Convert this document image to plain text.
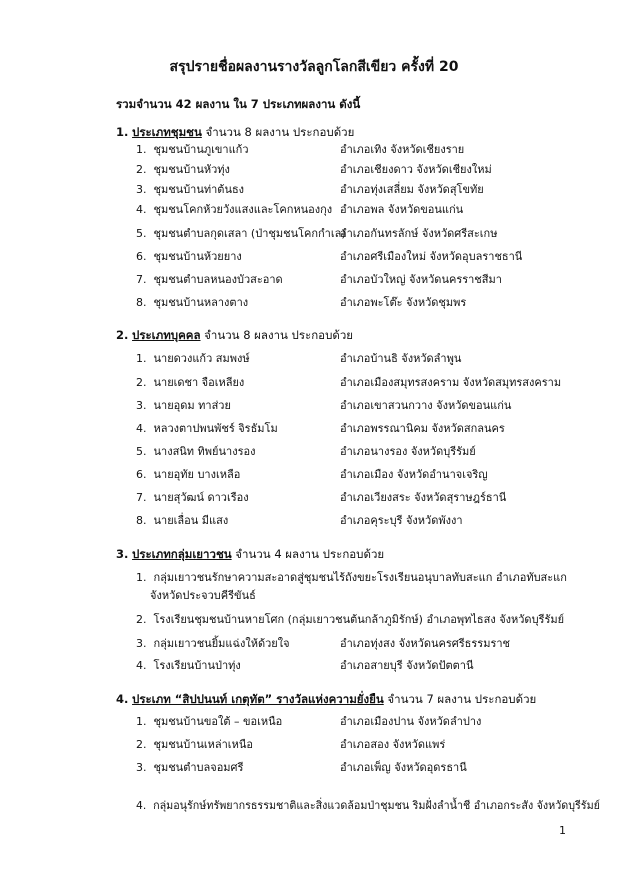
สรุปรายชื่อผลงานรางวัลลูกโลกสีเขียว ครั้งที่ 20
รวมจำนวน 42 ผลงาน ใน 7 ประเภทผลงาน ดังนี้
1. ประเภทชุมชน จำนวน 8 ผลงาน ประกอบด้วย
1. ชุมชนบ้านภูเขาแก้ว	อำเภอเทิง จังหวัดเชียงราย
2. ชุมชนบ้านหัวทุ่ง	อำเภอเชียงดาว จังหวัดเชียงใหม่
3. ชุมชนบ้านท่าต้นธง	อำเภอทุ่งเสลี่ยม จังหวัดสุโขทัย
4. ชุมชนโคกห้วยวังแสงและโคกหนองกุง อำเภอพล จังหวัดขอนแก่น
5. ชุมชนตำบลกุดเสลา (ป่าชุมชนโคกกำเล)
อำเภอกันทรลักษ์ จังหวัดศรีสะเกษ
6. ชุมชนบ้านห้วยยาง	อำเภอศรีเมืองใหม่ จังหวัดอุบลราชธานี
7. ชุมชนตำบลหนองบัวสะอาด	อำเภอบัวใหญ่ จังหวัดนครราชสีมา
8. ชุมชนบ้านหลางตาง	อำเภอพะโต๊ะ จังหวัดชุมพร
2. ประเภทบุคคล จำนวน 8 ผลงาน ประกอบด้วย
1. นายดวงแก้ว สมพงษ์	อำเภอบ้านธิ จังหวัดลำพูน
2. นายเดชา จือเหลียง	อำเภอเมืองสมุทรสงคราม จังหวัดสมุทรสงคราม
3. นายอุดม ทาส่วย	อำเภอเขาสวนกวาง จังหวัดขอนแก่น
4. หลวงตาปพนพัชร์ จิรธัมโม	อำเภอพรรณานิคม จังหวัดสกลนคร
5. นางสนิท ทิพย์นางรอง	อำเภอนางรอง จังหวัดบุรีรัมย์
6. นายอุทัย บางเหลือ	อำเภอเมือง จังหวัดอำนาจเจริญ
7. นายสุวัฒน์ ดาวเรือง	อำเภอเวียงสระ จังหวัดสุราษฎร์ธานี
8. นายเลื่อน มีแสง	อำเภอคุระบุรี จังหวัดพังงา
3. ประเภทกลุ่มเยาวชน จำนวน 4 ผลงาน ประกอบด้วย
1. กลุ่มเยาวชนรักษาความสะอาดสู่ชุมชนไร้ถังขยะโรงเรียนอนุบาลทับสะแก อำเภอทับสะแก
จังหวัดประจวบคีรีขันธ์
2. โรงเรียนชุมชนบ้านหายโศก (กลุ่มเยาวชนต้นกล้าภูมิรักษ์) อำเภอพุทไธสง จังหวัดบุรีรัมย์
3. กลุ่มเยาวชนยิ้มแฉ่งให้ด้วยใจ	อำเภอทุ่งสง จังหวัดนครศรีธรรมราช
4. โรงเรียนบ้านป่าทุ่ง	อำเภอสายบุรี จังหวัดปัตตานี
4. ประเภท “สิปปนนท์ เกตุทัต” รางวัลแห่งความยั่งยืน จำนวน 7 ผลงาน ประกอบด้วย
1. ชุมชนบ้านขอใต้ – ขอเหนือ	อำเภอเมืองปาน จังหวัดลำปาง
2. ชุมชนบ้านเหล่าเหนือ	อำเภอสอง จังหวัดแพร่
3. ชุมชนตำบลจอมศรี	อำเภอเพ็ญ จังหวัดอุดรธานี
4. กลุ่มอนุรักษ์ทรัพยากรธรรมชาติและสิ่งแวดล้อมป่าชุมชน ริมฝั่งลำน้ำชี อำเภอกระสัง จังหวัดบุรีรัมย์
1
